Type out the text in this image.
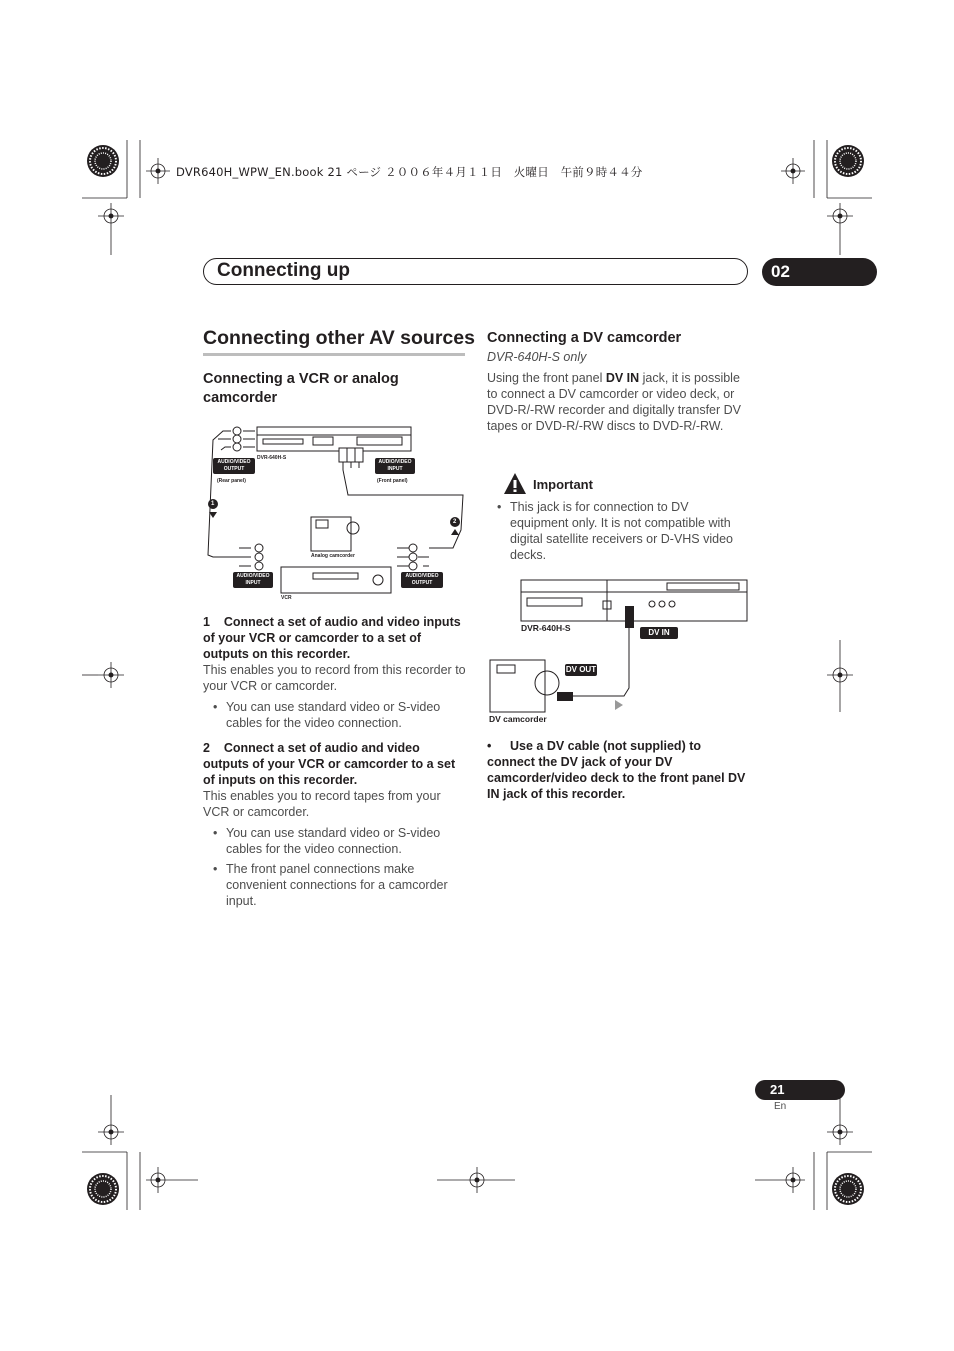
DVR640H_WPW_EN.book 21 ページ ２００６年４月１１日　火曜日　午前９時４４分
Connecting up	02
Connecting other AV sources
Connecting a VCR or analog camcorder
DVR-640H-S
AUDIO/VIDEO OUTPUT
(Rear panel)
AUDIO/VIDEO INPUT
(Front panel)
1
2
Analog camcorder
AUDIO/VIDEO INPUT
AUDIO/VIDEO OUTPUT
VCR
1 Connect a set of audio and video inputs of your VCR or camcorder to a set of outputs on this recorder.
This enables you to record from this recorder to your VCR or camcorder.
• You can use standard video or S-video cables for the video connection.
2 Connect a set of audio and video outputs of your VCR or camcorder to a set of inputs on this recorder.
This enables you to record tapes from your VCR or camcorder.
• You can use standard video or S-video cables for the video connection.
• The front panel connections make convenient connections for a camcorder input.
Connecting a DV camcorder
DVR-640H-S only
Using the front panel DV IN jack, it is possible to connect a DV camcorder or video deck, or DVD-R/-RW recorder and digitally transfer DV tapes or DVD-R/-RW discs to DVD-R/-RW.
Important
• This jack is for connection to DV equipment only. It is not compatible with digital satellite receivers or D-VHS video decks.
DVR-640H-S	DV IN
DV OUT
DV camcorder
• Use a DV cable (not supplied) to connect the DV jack of your DV camcorder/video deck to the front panel DV IN jack of this recorder.
21
En
